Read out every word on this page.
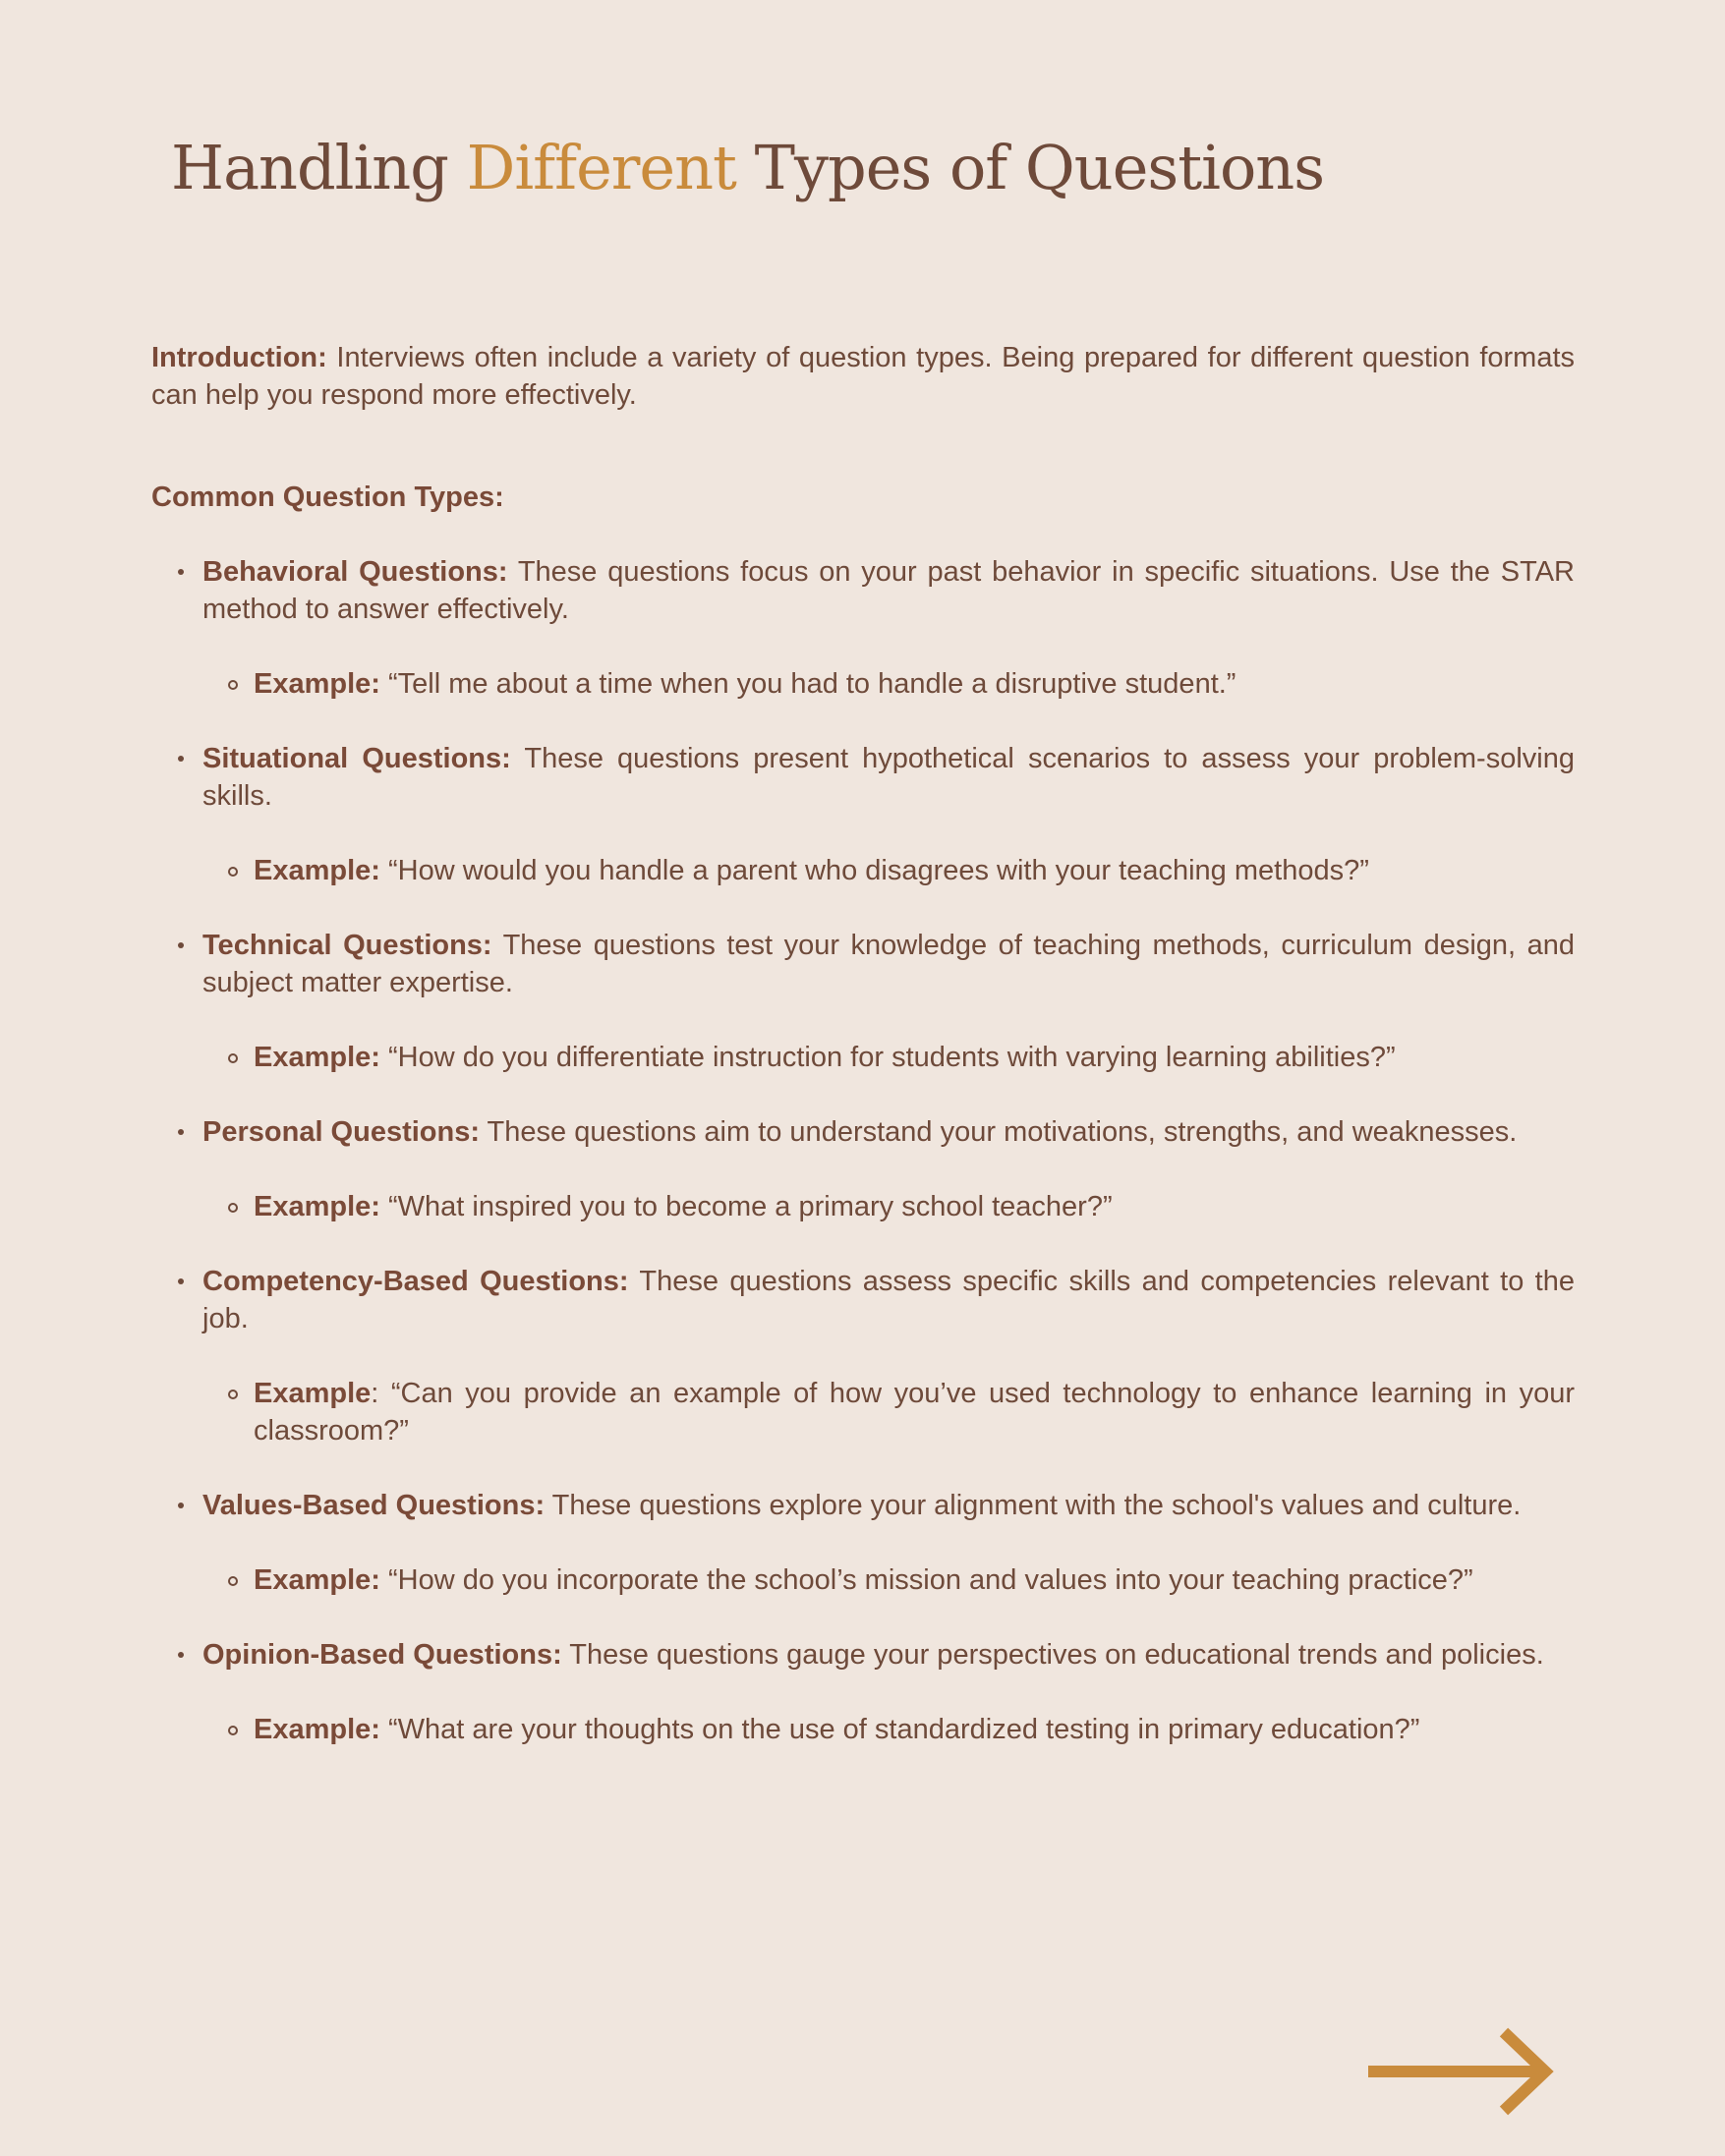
Handling Different Types of Questions

Introduction: Interviews often include a variety of question types. Being prepared for different question formats can help you respond more effectively.

Common Question Types:

Behavioral Questions: These questions focus on your past behavior in specific situations. Use the STAR method to answer effectively.
Example: “Tell me about a time when you had to handle a disruptive student.”
Situational Questions: These questions present hypothetical scenarios to assess your problem-solving skills.
Example: “How would you handle a parent who disagrees with your teaching methods?”
Technical Questions: These questions test your knowledge of teaching methods, curriculum design, and subject matter expertise.
Example: “How do you differentiate instruction for students with varying learning abilities?”
Personal Questions: These questions aim to understand your motivations, strengths, and weaknesses.
Example: “What inspired you to become a primary school teacher?”
Competency-Based Questions: These questions assess specific skills and competencies relevant to the job.
Example: “Can you provide an example of how you’ve used technology to enhance learning in your classroom?”
Values-Based Questions: These questions explore your alignment with the school's values and culture.
Example: “How do you incorporate the school’s mission and values into your teaching practice?”
Opinion-Based Questions: These questions gauge your perspectives on educational trends and policies.
Example: “What are your thoughts on the use of standardized testing in primary education?”
